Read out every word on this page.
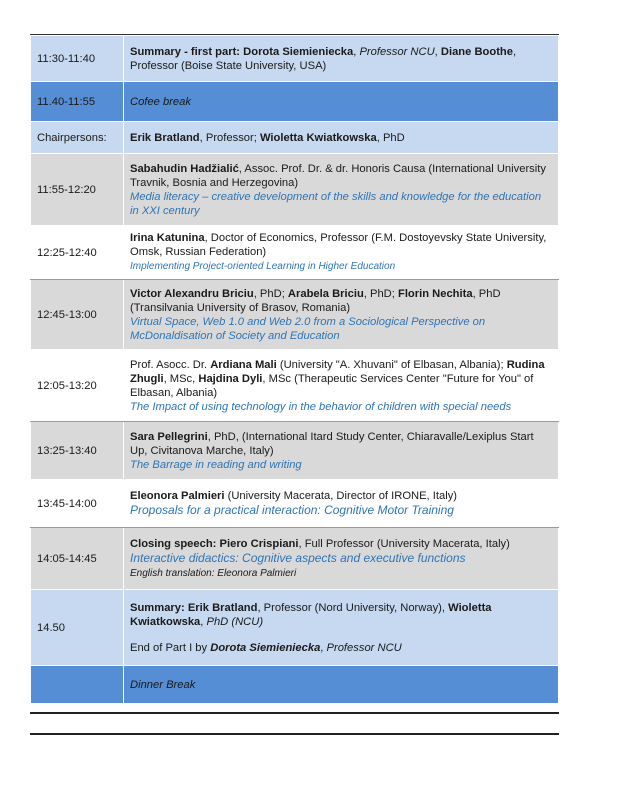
11:30-11:40	Summary - first part: Dorota Siemieniecka, Professor NCU, Diane Boothe, Professor (Boise State University, USA)

11.40-11:55	Cofee break

Chairpersons:	Erik Bratland, Professor; Wioletta Kwiatkowska, PhD

11:55-12:20	Sabahudin Hadžialić, Assoc. Prof. Dr. & dr. Honoris Causa (International University Travnik, Bosnia and Herzegovina)
Media literacy – creative development of the skills and knowledge for the education in XXI century

12:25-12:40	Irina Katunina, Doctor of Economics, Professor (F.M. Dostoyevsky State University, Omsk, Russian Federation)
Implementing Project-oriented Learning in Higher Education

12:45-13:00	Victor Alexandru Briciu, PhD; Arabela Briciu, PhD; Florin Nechita, PhD (Transilvania University of Brasov, Romania)
Virtual Space, Web 1.0 and Web 2.0 from a Sociological Perspective on McDonaldisation of Society and Education

12:05-13:20	Prof. Asocc. Dr. Ardiana Mali (University "A. Xhuvani" of Elbasan, Albania); Rudina Zhugli, MSc, Hajdina Dyli, MSc (Therapeutic Services Center "Future for You" of Elbasan, Albania)
The Impact of using technology in the behavior of children with special needs

13:25-13:40	Sara Pellegrini, PhD, (International Itard Study Center, Chiaravalle/Lexiplus Start Up, Civitanova Marche, Italy)
The Barrage in reading and writing

13:45-14:00	Eleonora Palmieri (University Macerata, Director of IRONE, Italy)
Proposals for a practical interaction: Cognitive Motor Training

14:05-14:45	Closing speech: Piero Crispiani, Full Professor (University Macerata, Italy)
Interactive didactics: Cognitive aspects and executive functions
English translation: Eleonora Palmieri

14.50	Summary: Erik Bratland, Professor (Nord University, Norway), Wioletta Kwiatkowska, PhD (NCU)
End of Part I by Dorota Siemieniecka, Professor NCU

	Dinner Break
